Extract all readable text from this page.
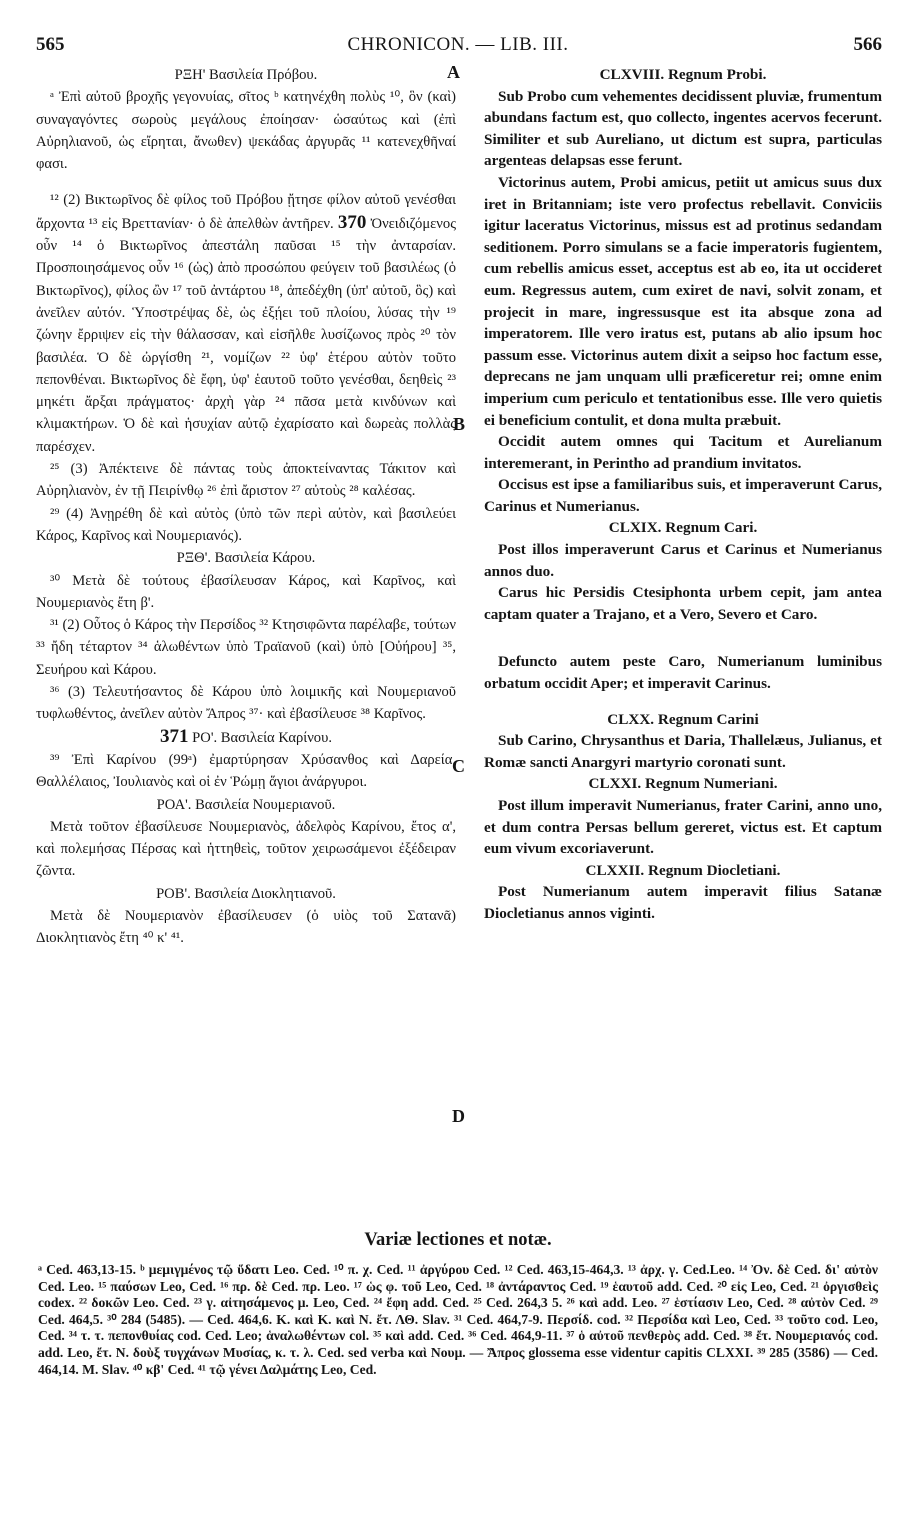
565	CHRONICON. — LIB. III.	566

ΡΞΗ' Βασιλεία Πρόβου.

ᵃ Ἐπὶ αὐτοῦ βροχῆς γεγονυίας, σῖτος ᵇ κατηνέχθη πολὺς ¹⁰, ὃν (καὶ) συναγαγόντες σωροὺς μεγάλους ἐποίησαν· ὡσαύτως καὶ (ἐπὶ Αὐρηλιανοῦ, ὡς εἴρηται, ἄνωθεν) ψεκάδας ἀργυρᾶς ¹¹ κατενεχθῆναί φασι.

¹² (2) Βικτωρῖνος δὲ φίλος τοῦ Πρόβου ᾔτησε φίλον αὐτοῦ γενέσθαι ἄρχοντα ¹³ εἰς Βρεττανίαν· ὁ δὲ ἀπελθὼν ἀντῆρεν. 370 Ὀνειδιζόμενος οὖν ¹⁴ ὁ Βικτωρῖνος ἀπεστάλη παῦσαι ¹⁵ τὴν ἀνταρσίαν. Προσποιησάμενος οὖν ¹⁶ (ὡς) ἀπὸ προσώπου φεύγειν τοῦ βασιλέως (ὁ Βικτωρῖνος), φίλος ὢν ¹⁷ τοῦ ἀντάρτου ¹⁸, ἀπεδέχθη (ὑπ' αὐτοῦ, ὃς) καὶ ἀνεῖλεν αὐτόν. Ὑποστρέψας δὲ, ὡς ἐξῄει τοῦ πλοίου, λύσας τὴν ¹⁹ ζώνην ἔρριψεν εἰς τὴν θάλασσαν, καὶ εἰσῆλθε λυσίζωνος πρὸς ²⁰ τὸν βασιλέα. Ὁ δὲ ὠργίσθη ²¹, νομίζων ²² ὑφ' ἑτέρου αὐτὸν τοῦτο πεπονθέναι. Βικτωρῖνος δὲ ἔφη, ὑφ' ἑαυτοῦ τοῦτο γενέσθαι, δεηθεὶς ²³ μηκέτι ἄρξαι πράγματος· ἀρχὴ γὰρ ²⁴ πᾶσα μετὰ κινδύνων καὶ κλιμακτήρων. Ὁ δὲ καὶ ἡσυχίαν αὐτῷ ἐχαρίσατο καὶ δωρεὰς πολλὰς παρέσχεν.

²⁵ (3) Ἀπέκτεινε δὲ πάντας τοὺς ἀποκτείναντας Τάκιτον καὶ Αὐρηλιανὸν, ἐν τῇ Πειρίνθῳ ²⁶ ἐπὶ ἄριστον ²⁷ αὐτοὺς ²⁸ καλέσας.

²⁹ (4) Ἀνῃρέθη δὲ καὶ αὐτὸς (ὑπὸ τῶν περὶ αὐτὸν, καὶ βασιλεύει Κάρος, Καρῖνος καὶ Νουμεριανός).

ΡΞΘ'. Βασιλεία Κάρου.

³⁰ Μετὰ δὲ τούτους ἐβασίλευσαν Κάρος, καὶ Καρῖνος, καὶ Νουμεριανὸς ἔτη β'.

³¹ (2) Οὗτος ὁ Κάρος τὴν Περσίδος ³² Κτησιφῶντα παρέλαβε, τούτων ³³ ἤδη τέταρτον ³⁴ ἁλωθέντων ὑπὸ Τραϊανοῦ (καὶ) ὑπὸ [Οὐήρου] ³⁵, Σευήρου καὶ Κάρου.

³⁶ (3) Τελευτήσαντος δὲ Κάρου ὑπὸ λοιμικῆς καὶ Νουμεριανοῦ τυφλωθέντος, ἀνεῖλεν αὐτὸν Ἄπρος ³⁷· καὶ ἐβασίλευσε ³⁸ Καρῖνος.

371 ΡΟ'. Βασιλεία Καρίνου.

³⁹ Ἐπὶ Καρίνου (99ᵃ) ἐμαρτύρησαν Χρύσανθος καὶ Δαρεία, Θαλλέλαιος, Ἰουλιανὸς καὶ οἱ ἐν Ῥώμῃ ἅγιοι ἀνάργυροι.

ΡΟΑ'. Βασιλεία Νουμεριανοῦ.

Μετὰ τοῦτον ἐβασίλευσε Νουμεριανὸς, ἀδελφὸς Καρίνου, ἔτος α', καὶ πολεμήσας Πέρσας καὶ ἡττηθεὶς, τοῦτον χειρωσάμενοι ἐξέδειραν ζῶντα.

ΡΟΒ'. Βασιλεία Διοκλητιανοῦ.

Μετὰ δὲ Νουμεριανὸν ἐβασίλευσεν (ὁ υἱὸς τοῦ Σατανᾶ) Διοκλητιανὸς ἔτη ⁴⁰ κ' ⁴¹.

A
B
C
D

CLXVIII. Regnum Probi.

Sub Probo cum vehementes decidissent pluviæ, frumentum abundans factum est, quo collecto, ingentes acervos fecerunt. Similiter et sub Aureliano, ut dictum est supra, particulas argenteas delapsas esse ferunt.

Victorinus autem, Probi amicus, petiit ut amicus suus dux iret in Britanniam; iste vero profectus rebellavit. Conviciis igitur laceratus Victorinus, missus est ad protinus sedandam seditionem. Porro simulans se a facie imperatoris fugientem, cum rebellis amicus esset, acceptus est ab eo, ita ut occideret eum. Regressus autem, cum exiret de navi, solvit zonam, et projecit in mare, ingressusque est ita absque zona ad imperatorem. Ille vero iratus est, putans ab alio ipsum hoc passum esse. Victorinus autem dixit a seipso hoc factum esse, deprecans ne jam unquam ulli præficeretur rei; omne enim imperium cum periculo et tentationibus esse. Ille vero quietis ei beneficium contulit, et dona multa præbuit.

Occidit autem omnes qui Tacitum et Aurelianum interemerant, in Perintho ad prandium invitatos.

Occisus est ipse a familiaribus suis, et imperaverunt Carus, Carinus et Numerianus.

CLXIX. Regnum Cari.

Post illos imperaverunt Carus et Carinus et Numerianus annos duo.

Carus hic Persidis Ctesiphonta urbem cepit, jam antea captam quater a Trajano, et a Vero, Severo et Caro.

Defuncto autem peste Caro, Numerianum luminibus orbatum occidit Aper; et imperavit Carinus.

CLXX. Regnum Carini

Sub Carino, Chrysanthus et Daria, Thallelæus, Julianus, et Romæ sancti Anargyri martyrio coronati sunt.

CLXXI. Regnum Numeriani.

Post illum imperavit Numerianus, frater Carini, anno uno, et dum contra Persas bellum gereret, victus est. Et captum eum vivum excoriaverunt.

CLXXII. Regnum Diocletiani.

Post Numerianum autem imperavit filius Satanæ Diocletianus annos viginti.

Variæ lectiones et notæ.
ᵃ Ced. 463,13-15. ᵇ μεμιγμένος τῷ ὕδατι Leo. Ced. ¹⁰ π. χ. Ced. ¹¹ ἀργύρου Ced. ¹² Ced. 463,15-464,3. ¹³ ἀρχ. γ. Ced.Leo. ¹⁴ Ὀν. δὲ Ced. δι' αὐτὸν Ced. Leo. ¹⁵ παύσων Leo, Ced. ¹⁶ πρ. δὲ Ced. πρ. Leo. ¹⁷ ὡς φ. τοῦ Leo, Ced. ¹⁸ ἀντάραντος Ced. ¹⁹ ἑαυτοῦ add. Ced. ²⁰ εἰς Leo, Ced. ²¹ ὀργισθεὶς codex. ²² δοκῶν Leo. Ced. ²³ γ. αἰτησάμενος μ. Leo, Ced. ²⁴ ἔφη add. Ced. ²⁵ Ced. 264,3 5. ²⁶ καὶ add. Leo. ²⁷ ἑστίασιν Leo, Ced. ²⁸ αὐτὸν Ced. ²⁹ Ced. 464,5. ³⁰ 284 (5485). — Ced. 464,6. K. καὶ K. καὶ N. ἔτ. ΛΘ. Slav. ³¹ Ced. 464,7-9. Περσίδ. cod. ³² Περσίδα καὶ Leo, Ced. ³³ τοῦτο cod. Leo, Ced. ³⁴ τ. τ. πεπονθυίας cod. Ced. Leo; ἁναλωθέντων col. ³⁵ καὶ add. Ced. ³⁶ Ced. 464,9-11. ³⁷ ὁ αὐτοῦ πενθερὸς add. Ced. ³⁸ ἔτ. Νουμεριανός cod. add. Leo, ἔτ. N. δοὺξ τυγχάνων Μυσίας, κ. τ. λ. Ced. sed verba καὶ Νουμ. — Ἄπρος glossema esse videntur capitis CLXXI. ³⁹ 285 (3586) — Ced. 464,14. M. Slav. ⁴⁰ κβ' Ced. ⁴¹ τῷ γένει Δαλμάτης Leo, Ced.
